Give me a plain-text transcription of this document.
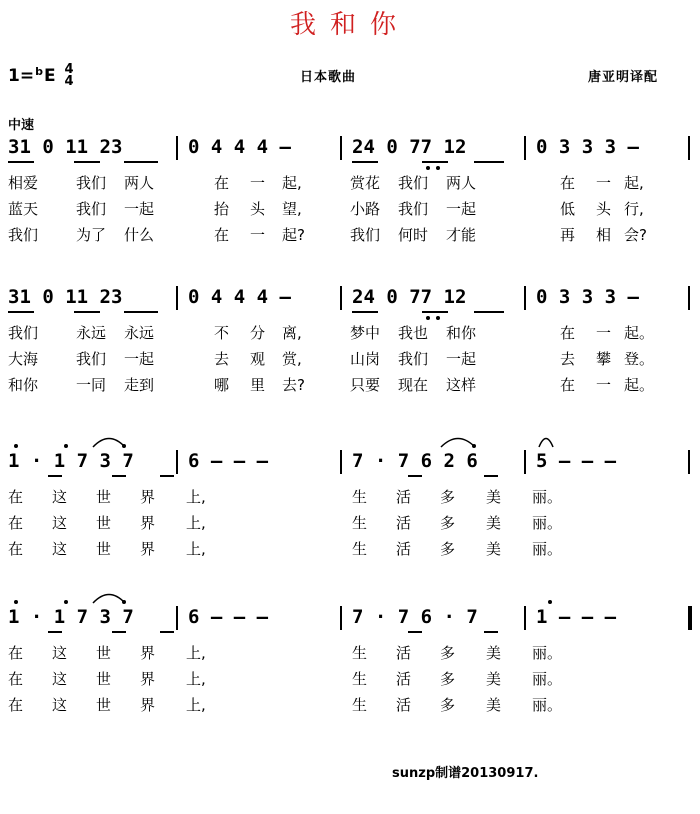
我和你
1=$^b$E 4
4	日本歌曲	唐亚明译配
中速
31 0 11 23	0 4 4 4 –	24 0 77 12	0 3 3 3 –
相爱	我们 两人	在 一 起,	赏花 我们 两人	在 一 起,
蓝天	我们 一起	抬 头 望,	小路 我们 一起	低 头 行,
我们	为了 什么	在 一 起?	我们 何时 才能	再 相 会?
31 0 11 23	0 4 4 4 –	24 0 77 12	0 3 3 3 –
我们	永远 永远	不 分 离,	梦中 我也 和你	在 一 起。
大海	我们 一起	去 观 赏,	山岗 我们 一起	去 攀 登。
和你	一同 走到	哪 里 去?	只要 现在 这样	在 一 起。
1 · 1 7 3 7	6 – – –	7 · 7 6 2 6	5 – – –
在 这 世 界 上,	生 活 多 美 丽。
在 这 世 界 上,	生 活 多 美 丽。
在 这 世 界 上,	生 活 多 美 丽。
1 · 1 7 3 7	6 – – –	7 · 7 6 · 7	1 – – –
在 这 世 界 上,	生 活 多 美 丽。
在 这 世 界 上,	生 活 多 美 丽。
在 这 世 界 上,	生 活 多 美 丽。
sunzp制谱20130917.
